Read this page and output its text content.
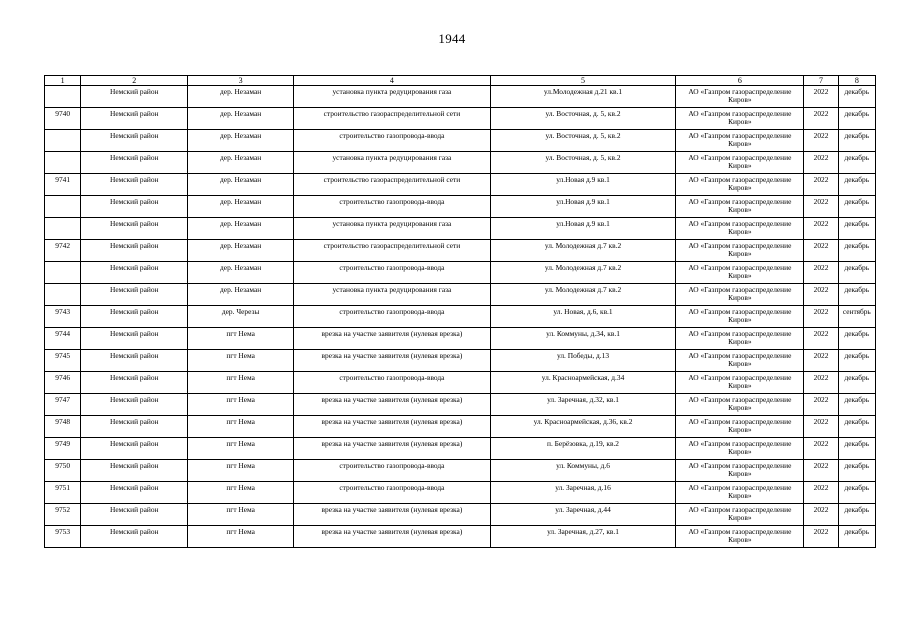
1944
1	2	3	4	5	6	7	8
	Немский район	дер. Незаман	установка пункта редуцирования газа	ул.Молодежная д.21 кв.1	АО «Газпром газораспределение Киров»	2022	декабрь
9740	Немский район	дер. Незаман	строительство газораспределительной сети	ул. Восточная, д. 5, кв.2	АО «Газпром газораспределение Киров»	2022	декабрь
	Немский район	дер. Незаман	строительство газопровода-ввода	ул. Восточная, д. 5, кв.2	АО «Газпром газораспределение Киров»	2022	декабрь
	Немский район	дер. Незаман	установка пункта редуцирования газа	ул. Восточная, д. 5, кв.2	АО «Газпром газораспределение Киров»	2022	декабрь
9741	Немский район	дер. Незаман	строительство газораспределительной сети	ул.Новая д.9 кв.1	АО «Газпром газораспределение Киров»	2022	декабрь
	Немский район	дер. Незаман	строительство газопровода-ввода	ул.Новая д.9 кв.1	АО «Газпром газораспределение Киров»	2022	декабрь
	Немский район	дер. Незаман	установка пункта редуцирования газа	ул.Новая д.9 кв.1	АО «Газпром газораспределение Киров»	2022	декабрь
9742	Немский район	дер. Незаман	строительство газораспределительной сети	ул. Молодежная д.7 кв.2	АО «Газпром газораспределение Киров»	2022	декабрь
	Немский район	дер. Незаман	строительство газопровода-ввода	ул. Молодежная д.7 кв.2	АО «Газпром газораспределение Киров»	2022	декабрь
	Немский район	дер. Незаман	установка пункта редуцирования газа	ул. Молодежная д.7 кв.2	АО «Газпром газораспределение Киров»	2022	декабрь
9743	Немский район	дер. Черезы	строительство газопровода-ввода	ул. Новая, д.6, кв.1	АО «Газпром газораспределение Киров»	2022	сентябрь
9744	Немский район	пгт Нема	врезка на участке заявителя (нулевая врезка)	ул. Коммуны, д.34, кв.1	АО «Газпром газораспределение Киров»	2022	декабрь
9745	Немский район	пгт Нема	врезка на участке заявителя (нулевая врезка)	ул. Победы, д.13	АО «Газпром газораспределение Киров»	2022	декабрь
9746	Немский район	пгт Нема	строительство газопровода-ввода	ул. Красноармейская, д.34	АО «Газпром газораспределение Киров»	2022	декабрь
9747	Немский район	пгт Нема	врезка на участке заявителя (нулевая врезка)	ул. Заречная, д.32, кв.1	АО «Газпром газораспределение Киров»	2022	декабрь
9748	Немский район	пгт Нема	врезка на участке заявителя (нулевая врезка)	ул. Красноармейская, д.36, кв.2	АО «Газпром газораспределение Киров»	2022	декабрь
9749	Немский район	пгт Нема	врезка на участке заявителя (нулевая врезка)	п. Берёзовка, д.19, кв.2	АО «Газпром газораспределение Киров»	2022	декабрь
9750	Немский район	пгт Нема	строительство газопровода-ввода	ул. Коммуны, д.6	АО «Газпром газораспределение Киров»	2022	декабрь
9751	Немский район	пгт Нема	строительство газопровода-ввода	ул. Заречная, д.16	АО «Газпром газораспределение Киров»	2022	декабрь
9752	Немский район	пгт Нема	врезка на участке заявителя (нулевая врезка)	ул. Заречная, д.44	АО «Газпром газораспределение Киров»	2022	декабрь
9753	Немский район	пгт Нема	врезка на участке заявителя (нулевая врезка)	ул. Заречная, д.27, кв.1	АО «Газпром газораспределение Киров»	2022	декабрь
